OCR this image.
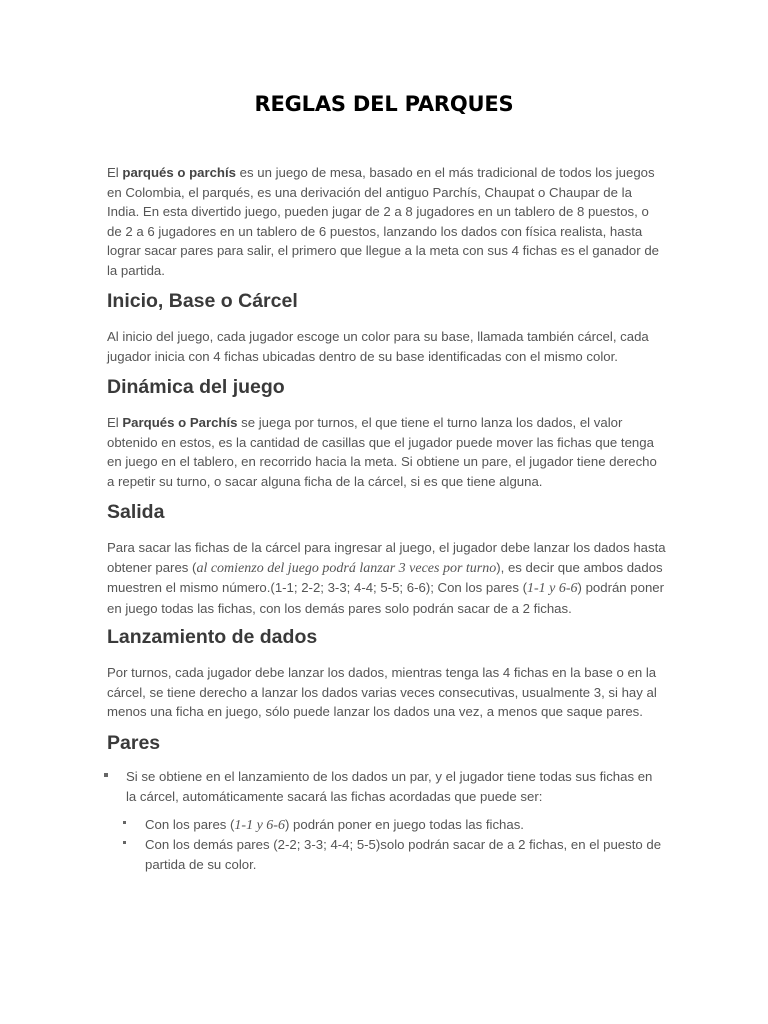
REGLAS DEL PARQUES

El parqués o parchís es un juego de mesa, basado en el más tradicional de todos los juegos en Colombia, el parqués, es una derivación del antiguo Parchís, Chaupat o Chaupar de la India. En esta divertido juego, pueden jugar de 2 a 8 jugadores en un tablero de 8 puestos, o de 2 a 6 jugadores en un tablero de 6 puestos, lanzando los dados con física realista, hasta lograr sacar pares para salir, el primero que llegue a la meta con sus 4 fichas es el ganador de la partida.

Inicio, Base o Cárcel

Al inicio del juego, cada jugador escoge un color para su base, llamada también cárcel, cada jugador inicia con 4 fichas ubicadas dentro de su base identificadas con el mismo color.

Dinámica del juego

El Parqués o Parchís se juega por turnos, el que tiene el turno lanza los dados, el valor obtenido en estos, es la cantidad de casillas que el jugador puede mover las fichas que tenga en juego en el tablero, en recorrido hacia la meta. Si obtiene un pare, el jugador tiene derecho a repetir su turno, o sacar alguna ficha de la cárcel, si es que tiene alguna.

Salida

Para sacar las fichas de la cárcel para ingresar al juego, el jugador debe lanzar los dados hasta obtener pares (al comienzo del juego podrá lanzar 3 veces por turno), es decir que ambos dados muestren el mismo número.(1-1; 2-2; 3-3; 4-4; 5-5; 6-6); Con los pares (1-1 y 6-6) podrán poner en juego todas las fichas, con los demás pares solo podrán sacar de a 2 fichas.

Lanzamiento de dados

Por turnos, cada jugador debe lanzar los dados, mientras tenga las 4 fichas en la base o en la cárcel, se tiene derecho a lanzar los dados varias veces consecutivas, usualmente 3, si hay al menos una ficha en juego, sólo puede lanzar los dados una vez, a menos que saque pares.

Pares

Si se obtiene en el lanzamiento de los dados un par, y el jugador tiene todas sus fichas en la cárcel, automáticamente sacará las fichas acordadas que puede ser:

Con los pares (1-1 y 6-6) podrán poner en juego todas las fichas.

Con los demás pares (2-2; 3-3; 4-4; 5-5)solo podrán sacar de a 2 fichas, en el puesto de partida de su color.
